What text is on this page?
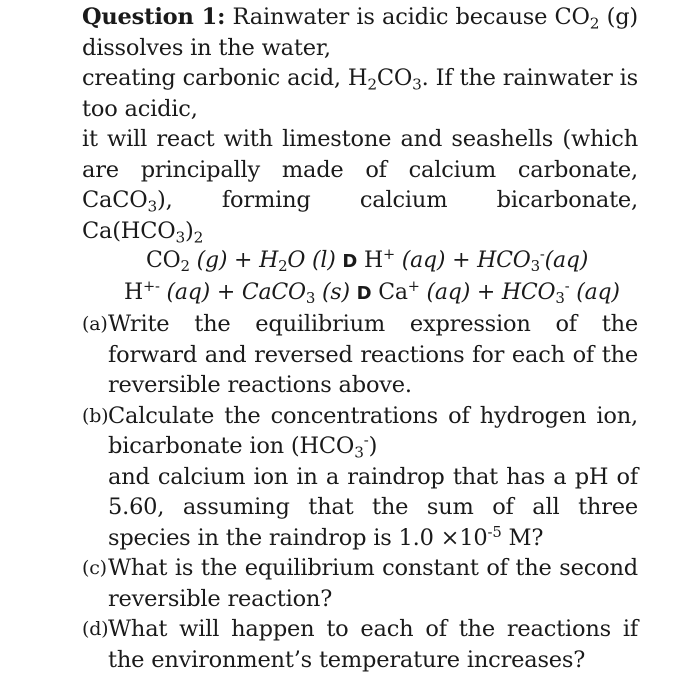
Question 1: Rainwater is acidic because $CO_2$ (g) dissolves in the water,

creating carbonic acid, $H_2CO_3$. If the rainwater is too acidic,

it will react with limestone and seashells (which are principally made of calcium carbonate, CaCO$_3$), forming calcium bicarbonate, $Ca(HCO_3)_2$

$CO_2$ $(g) + H_2O$ (l) D H+ $(aq) + HCO_3^-(aq)$

H+- (aq) + CaCO$_3$ (s) D Ca+ $(aq) + HCO_3^-$ (aq)

(a) Write the equilibrium expression of the forward and reversed reactions for each of the reversible reactions above.
(b) Calculate the concentrations of hydrogen ion, bicarbonate ion $(HCO_3^-)$

and calcium ion in a raindrop that has a pH of 5.60, assuming that the sum of all three species in the raindrop is $1.0 \times 10^{-5}$ M?

(c) What is the equilibrium constant of the second reversible reaction?
(d) What will happen to each of the reactions if the environment’s temperature increases?
